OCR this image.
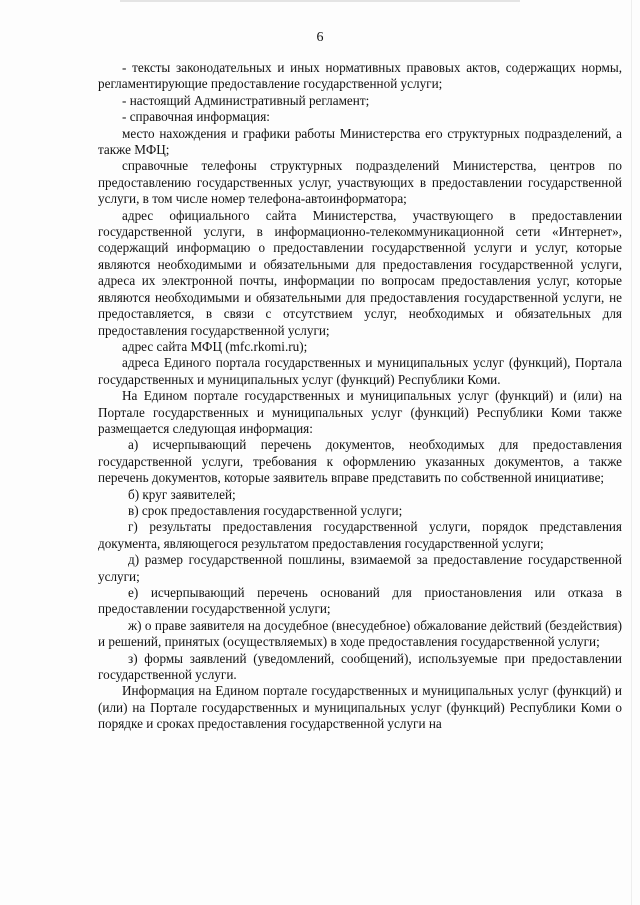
6

- тексты законодательных и иных нормативных правовых актов, содержащих нормы, регламентирующие предоставление государственной услуги;

- настоящий Административный регламент;

- справочная информация:

место нахождения и графики работы Министерства его структурных подразделений, а также МФЦ;

справочные телефоны структурных подразделений Министерства, центров по предоставлению государственных услуг, участвующих в предоставлении государственной услуги, в том числе номер телефона-автоинформатора;

адрес официального сайта Министерства, участвующего в предоставлении государственной услуги, в информационно-телекоммуникационной сети «Интернет», содержащий информацию о предоставлении государственной услуги и услуг, которые являются необходимыми и обязательными для предоставления государственной услуги, адреса их электронной почты, информации по вопросам предоставления услуг, которые являются необходимыми и обязательными для предоставления государственной услуги, не предоставляется, в связи с отсутствием услуг, необходимых и обязательных для предоставления государственной услуги;

адрес сайта МФЦ (mfc.rkomi.ru);

адреса Единого портала государственных и муниципальных услуг (функций), Портала государственных и муниципальных услуг (функций) Республики Коми.

На Едином портале государственных и муниципальных услуг (функций) и (или) на Портале государственных и муниципальных услуг (функций) Республики Коми также размещается следующая информация:

а) исчерпывающий перечень документов, необходимых для предоставления государственной услуги, требования к оформлению указанных документов, а также перечень документов, которые заявитель вправе представить по собственной инициативе;

б) круг заявителей;

в) срок предоставления государственной услуги;

г) результаты предоставления государственной услуги, порядок представления документа, являющегося результатом предоставления государственной услуги;

д) размер государственной пошлины, взимаемой за предоставление государственной услуги;

е) исчерпывающий перечень оснований для приостановления или отказа в предоставлении государственной услуги;

ж) о праве заявителя на досудебное (внесудебное) обжалование действий (бездействия) и решений, принятых (осуществляемых) в ходе предоставления государственной услуги;

з) формы заявлений (уведомлений, сообщений), используемые при предоставлении государственной услуги.

Информация на Едином портале государственных и муниципальных услуг (функций) и (или) на Портале государственных и муниципальных услуг (функций) Республики Коми о порядке и сроках предоставления государственной услуги на
